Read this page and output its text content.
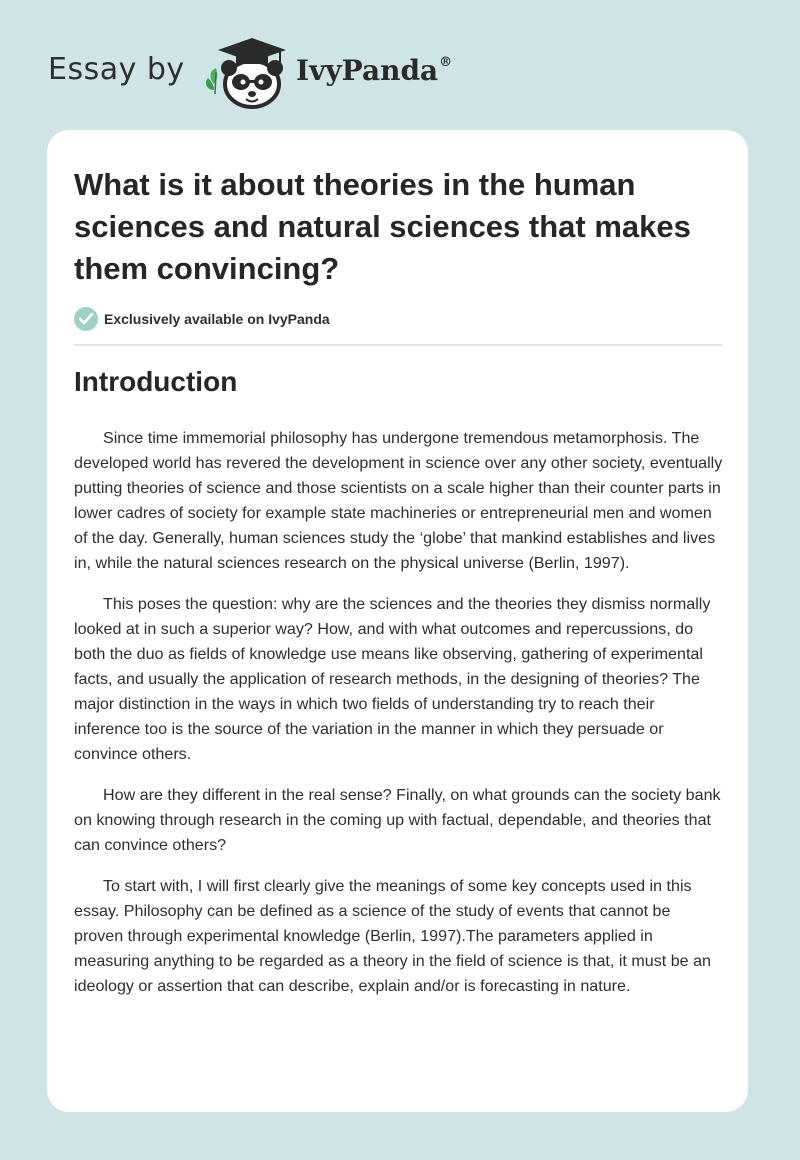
Essay by	IvyPanda®
What is it about theories in the human sciences and natural sciences that makes them convincing?
Exclusively available on IvyPanda
Introduction

Since time immemorial philosophy has undergone tremendous metamorphosis. The developed world has revered the development in science over any other society, eventually putting theories of science and those scientists on a scale higher than their counter parts in lower cadres of society for example state machineries or entrepreneurial men and women of the day. Generally, human sciences study the ‘globe’ that mankind establishes and lives in, while the natural sciences research on the physical universe (Berlin, 1997).

This poses the question: why are the sciences and the theories they dismiss normally looked at in such a superior way? How, and with what outcomes and repercussions, do both the duo as fields of knowledge use means like observing, gathering of experimental facts, and usually the application of research methods, in the designing of theories? The major distinction in the ways in which two fields of understanding try to reach their inference too is the source of the variation in the manner in which they persuade or convince others.

How are they different in the real sense? Finally, on what grounds can the society bank on knowing through research in the coming up with factual, dependable, and theories that can convince others?

To start with, I will first clearly give the meanings of some key concepts used in this essay. Philosophy can be defined as a science of the study of events that cannot be proven through experimental knowledge (Berlin, 1997).The parameters applied in measuring anything to be regarded as a theory in the field of science is that, it must be an ideology or assertion that can describe, explain and/or is forecasting in nature.
